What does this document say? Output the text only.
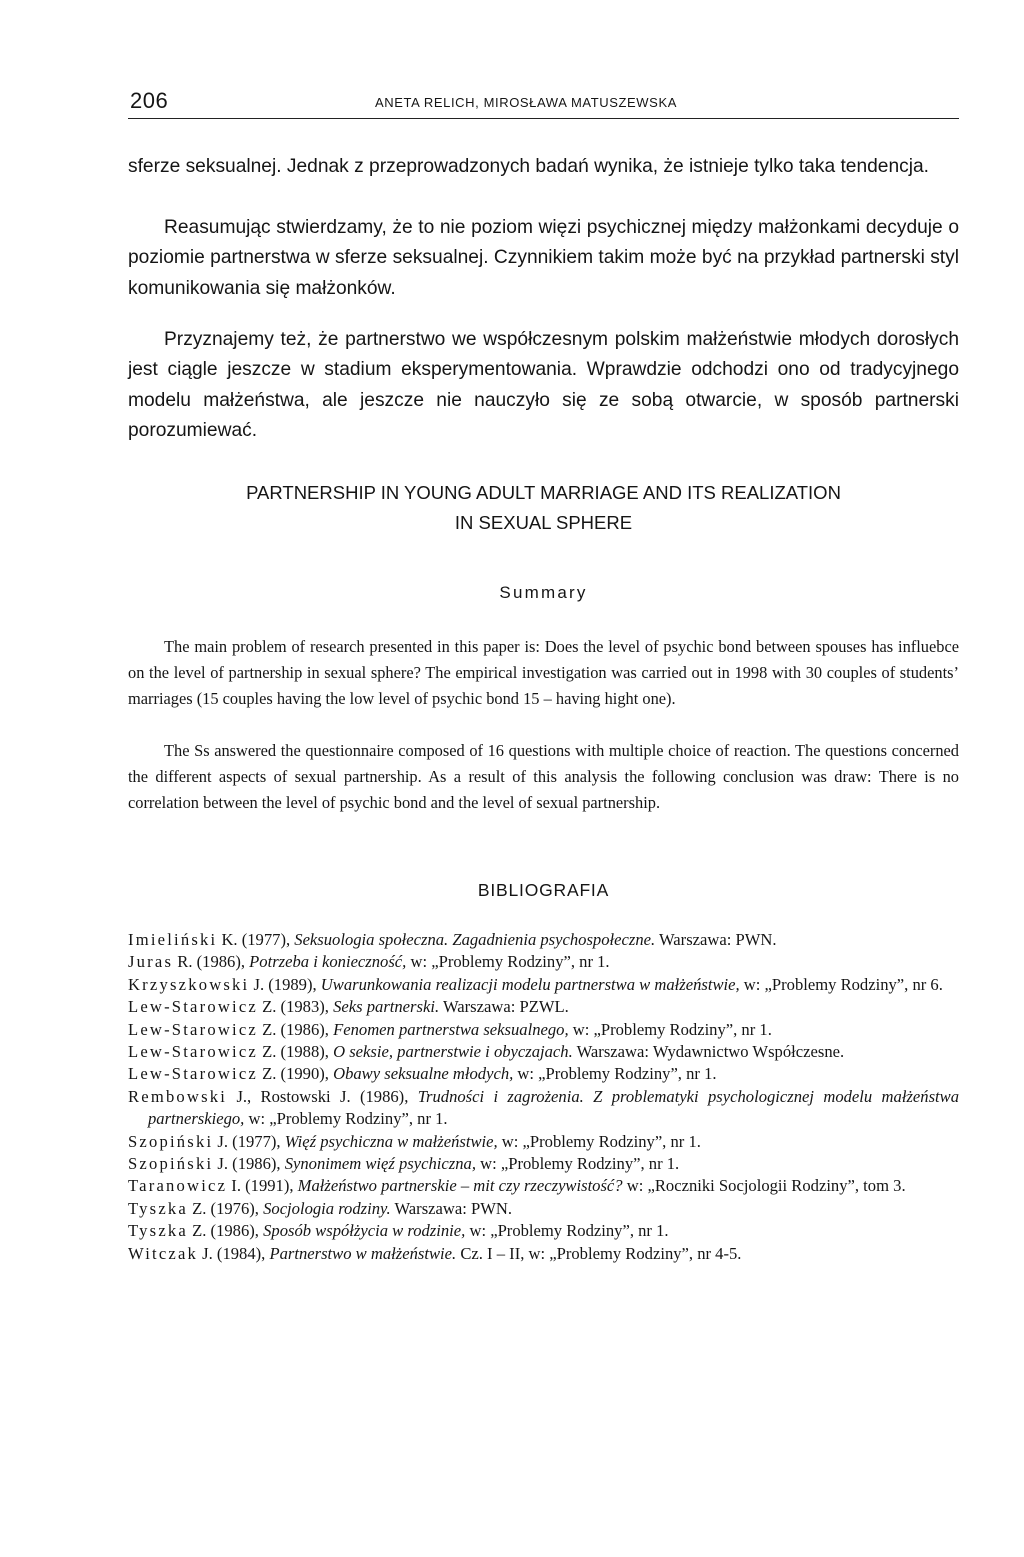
206	ANETA RELICH, MIROSŁAWA MATUSZEWSKA

sferze seksualnej. Jednak z przeprowadzonych badań wynika, że istnieje tylko taka tendencja.

Reasumując stwierdzamy, że to nie poziom więzi psychicznej między małżonkami decyduje o poziomie partnerstwa w sferze seksualnej. Czynnikiem takim może być na przykład partnerski styl komunikowania się małżonków.

Przyznajemy też, że partnerstwo we współczesnym polskim małżeństwie młodych dorosłych jest ciągle jeszcze w stadium eksperymentowania. Wprawdzie odchodzi ono od tradycyjnego modelu małżeństwa, ale jeszcze nie nauczyło się ze sobą otwarcie, w sposób partnerski porozumiewać.

PARTNERSHIP IN YOUNG ADULT MARRIAGE AND ITS REALIZATION
IN SEXUAL SPHERE
Summary

The main problem of research presented in this paper is: Does the level of psychic bond between spouses has influebce on the level of partnership in sexual sphere? The empirical investigation was carried out in 1998 with 30 couples of students’ marriages (15 couples having the low level of psychic bond 15 – having hight one).

The Ss answered the questionnaire composed of 16 questions with multiple choice of reaction. The questions concerned the different aspects of sexual partnership. As a result of this analysis the following conclusion was draw: There is no correlation between the level of psychic bond and the level of sexual partnership.

BIBLIOGRAFIA
Imieliński K. (1977), Seksuologia społeczna. Zagadnienia psychospołeczne. Warszawa: PWN.
Juras R. (1986), Potrzeba i konieczność, w: „Problemy Rodziny”, nr 1.
Krzyszkowski J. (1989), Uwarunkowania realizacji modelu partnerstwa w małżeństwie, w: „Problemy Rodziny”, nr 6.
Lew-Starowicz Z. (1983), Seks partnerski. Warszawa: PZWL.
Lew-Starowicz Z. (1986), Fenomen partnerstwa seksualnego, w: „Problemy Rodziny”, nr 1.
Lew-Starowicz Z. (1988), O seksie, partnerstwie i obyczajach. Warszawa: Wydawnictwo Współczesne.
Lew-Starowicz Z. (1990), Obawy seksualne młodych, w: „Problemy Rodziny”, nr 1.
Rembowski J., Rostowski J. (1986), Trudności i zagrożenia. Z problematyki psychologicznej modelu małżeństwa partnerskiego, w: „Problemy Rodziny”, nr 1.
Szopiński J. (1977), Więź psychiczna w małżeństwie, w: „Problemy Rodziny”, nr 1.
Szopiński J. (1986), Synonimem więź psychiczna, w: „Problemy Rodziny”, nr 1.
Taranowicz I. (1991), Małżeństwo partnerskie – mit czy rzeczywistość? w: „Roczniki Socjologii Rodziny”, tom 3.
Tyszka Z. (1976), Socjologia rodziny. Warszawa: PWN.
Tyszka Z. (1986), Sposób współżycia w rodzinie, w: „Problemy Rodziny”, nr 1.
Witczak J. (1984), Partnerstwo w małżeństwie. Cz. I – II, w: „Problemy Rodziny”, nr 4-5.
